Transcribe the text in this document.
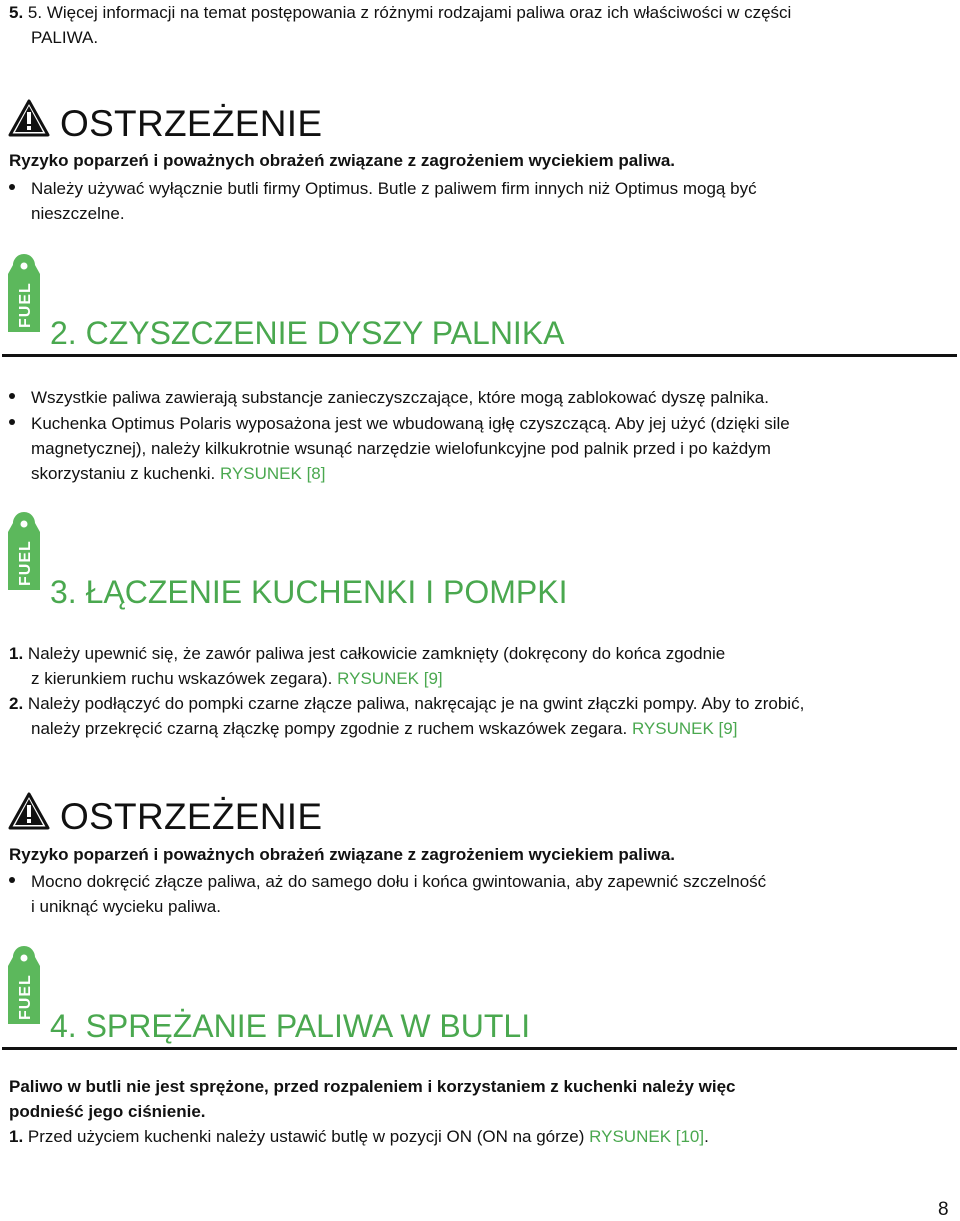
5. 5. Więcej informacji na temat postępowania z różnymi rodzajami paliwa oraz ich właściwości w części
PALIWA.
OSTRZEŻENIE
Ryzyko poparzeń i poważnych obrażeń związane z zagrożeniem wyciekiem paliwa.
Należy używać wyłącznie butli firmy Optimus. Butle z paliwem firm innych niż Optimus mogą być
nieszczelne.
2. CZYSZCZENIE DYSZY PALNIKA
Wszystkie paliwa zawierają substancje zanieczyszczające, które mogą zablokować dyszę palnika.
Kuchenka Optimus Polaris wyposażona jest we wbudowaną igłę czyszczącą. Aby jej użyć (dzięki sile
magnetycznej), należy kilkukrotnie wsunąć narzędzie wielofunkcyjne pod palnik przed i po każdym
skorzystaniu z kuchenki. RYSUNEK [8]
3. ŁĄCZENIE KUCHENKI I POMPKI
1. Należy upewnić się, że zawór paliwa jest całkowicie zamknięty (dokręcony do końca zgodnie
z kierunkiem ruchu wskazówek zegara). RYSUNEK [9]
2. Należy podłączyć do pompki czarne złącze paliwa, nakręcając je na gwint złączki pompy. Aby to zrobić,
należy przekręcić czarną złączkę pompy zgodnie z ruchem wskazówek zegara. RYSUNEK [9]
OSTRZEŻENIE
Ryzyko poparzeń i poważnych obrażeń związane z zagrożeniem wyciekiem paliwa.
Mocno dokręcić złącze paliwa, aż do samego dołu i końca gwintowania, aby zapewnić szczelność
i uniknąć wycieku paliwa.
4. SPRĘŻANIE PALIWA W BUTLI
Paliwo w butli nie jest sprężone, przed rozpaleniem i korzystaniem z kuchenki należy więc
podnieść jego ciśnienie.
1. Przed użyciem kuchenki należy ustawić butlę w pozycji ON (ON na górze) RYSUNEK [10].
8
